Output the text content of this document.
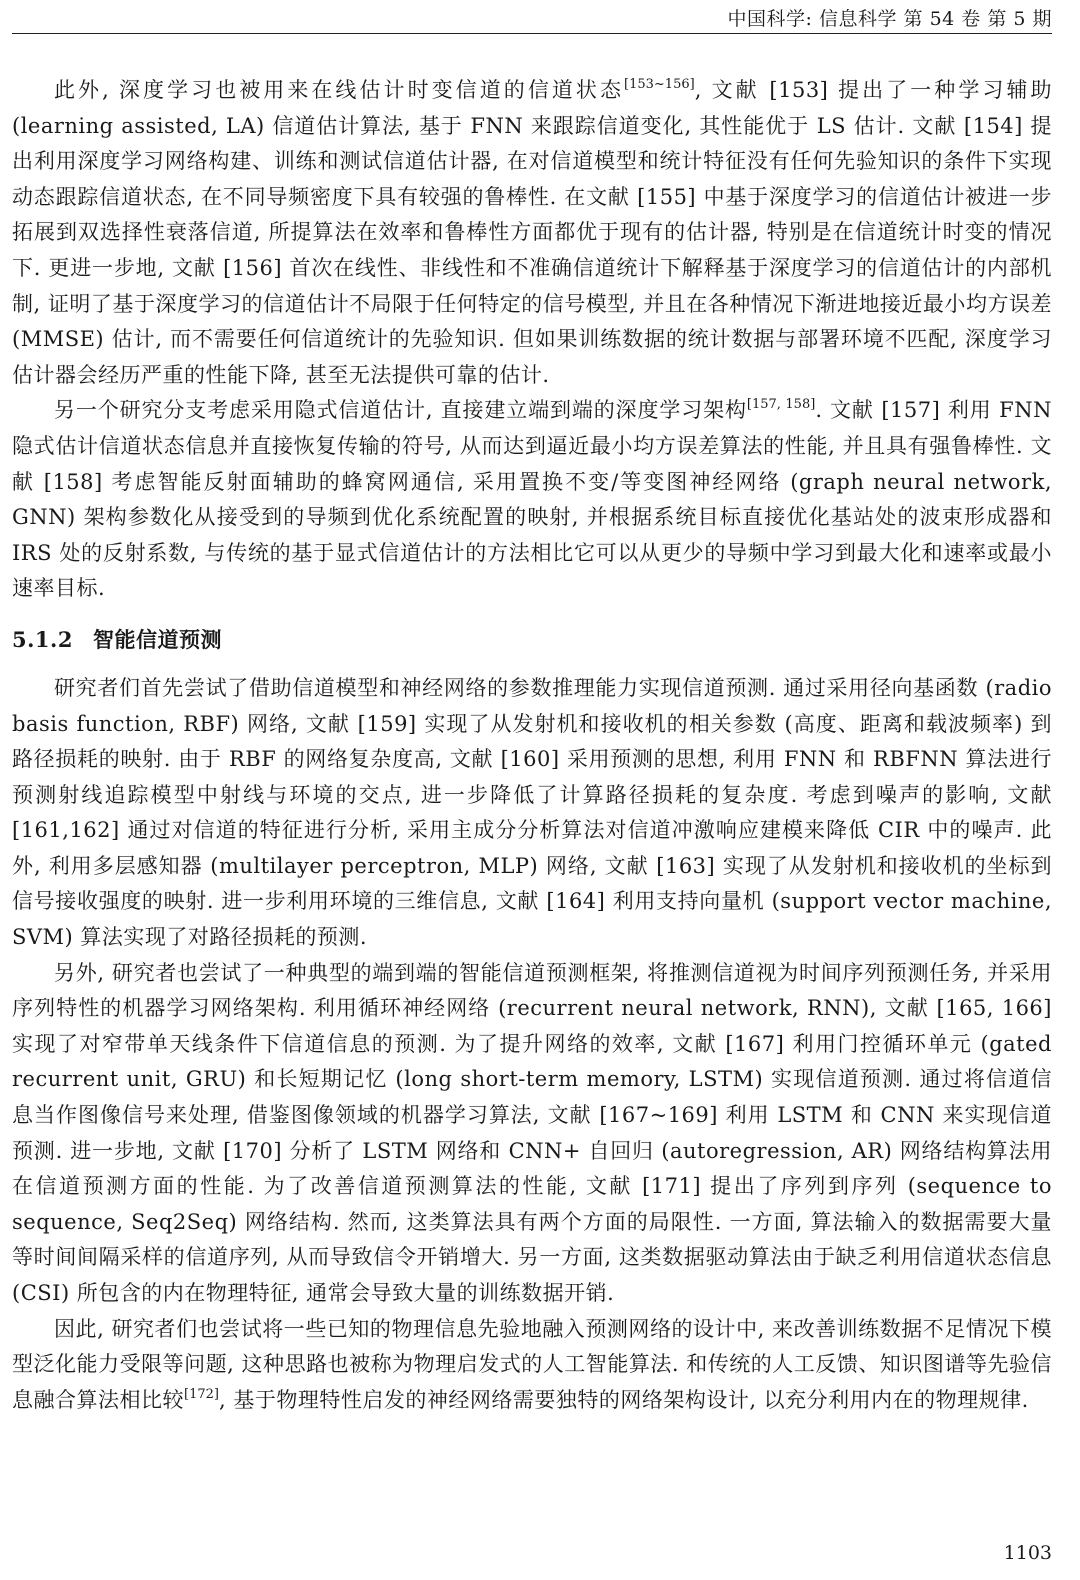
中国科学: 信息科学 第 54 卷 第 5 期

此外, 深度学习也被用来在线估计时变信道的信道状态[153~156], 文献 [153] 提出了一种学习辅助 (learning assisted, LA) 信道估计算法, 基于 FNN 来跟踪信道变化, 其性能优于 LS 估计. 文献 [154] 提出利用深度学习网络构建、训练和测试信道估计器, 在对信道模型和统计特征没有任何先验知识的条件下实现动态跟踪信道状态, 在不同导频密度下具有较强的鲁棒性. 在文献 [155] 中基于深度学习的信道估计被进一步拓展到双选择性衰落信道, 所提算法在效率和鲁棒性方面都优于现有的估计器, 特别是在信道统计时变的情况下. 更进一步地, 文献 [156] 首次在线性、非线性和不准确信道统计下解释基于深度学习的信道估计的内部机制, 证明了基于深度学习的信道估计不局限于任何特定的信号模型, 并且在各种情况下渐进地接近最小均方误差 (MMSE) 估计, 而不需要任何信道统计的先验知识. 但如果训练数据的统计数据与部署环境不匹配, 深度学习估计器会经历严重的性能下降, 甚至无法提供可靠的估计.

另一个研究分支考虑采用隐式信道估计, 直接建立端到端的深度学习架构[157, 158]. 文献 [157] 利用 FNN 隐式估计信道状态信息并直接恢复传输的符号, 从而达到逼近最小均方误差算法的性能, 并且具有强鲁棒性. 文献 [158] 考虑智能反射面辅助的蜂窝网通信, 采用置换不变/等变图神经网络 (graph neural network, GNN) 架构参数化从接受到的导频到优化系统配置的映射, 并根据系统目标直接优化基站处的波束形成器和 IRS 处的反射系数, 与传统的基于显式信道估计的方法相比它可以从更少的导频中学习到最大化和速率或最小速率目标.

5.1.2 智能信道预测

研究者们首先尝试了借助信道模型和神经网络的参数推理能力实现信道预测. 通过采用径向基函数 (radio basis function, RBF) 网络, 文献 [159] 实现了从发射机和接收机的相关参数 (高度、距离和载波频率) 到路径损耗的映射. 由于 RBF 的网络复杂度高, 文献 [160] 采用预测的思想, 利用 FNN 和 RBFNN 算法进行预测射线追踪模型中射线与环境的交点, 进一步降低了计算路径损耗的复杂度. 考虑到噪声的影响, 文献 [161,162] 通过对信道的特征进行分析, 采用主成分分析算法对信道冲激响应建模来降低 CIR 中的噪声. 此外, 利用多层感知器 (multilayer perceptron, MLP) 网络, 文献 [163] 实现了从发射机和接收机的坐标到信号接收强度的映射. 进一步利用环境的三维信息, 文献 [164] 利用支持向量机 (support vector machine, SVM) 算法实现了对路径损耗的预测.

另外, 研究者也尝试了一种典型的端到端的智能信道预测框架, 将推测信道视为时间序列预测任务, 并采用序列特性的机器学习网络架构. 利用循环神经网络 (recurrent neural network, RNN), 文献 [165, 166] 实现了对窄带单天线条件下信道信息的预测. 为了提升网络的效率, 文献 [167] 利用门控循环单元 (gated recurrent unit, GRU) 和长短期记忆 (long short-term memory, LSTM) 实现信道预测. 通过将信道信息当作图像信号来处理, 借鉴图像领域的机器学习算法, 文献 [167~169] 利用 LSTM 和 CNN 来实现信道预测. 进一步地, 文献 [170] 分析了 LSTM 网络和 CNN+ 自回归 (autoregression, AR) 网络结构算法用在信道预测方面的性能. 为了改善信道预测算法的性能, 文献 [171] 提出了序列到序列 (sequence to sequence, Seq2Seq) 网络结构. 然而, 这类算法具有两个方面的局限性. 一方面, 算法输入的数据需要大量等时间间隔采样的信道序列, 从而导致信令开销增大. 另一方面, 这类数据驱动算法由于缺乏利用信道状态信息 (CSI) 所包含的内在物理特征, 通常会导致大量的训练数据开销.

因此, 研究者们也尝试将一些已知的物理信息先验地融入预测网络的设计中, 来改善训练数据不足情况下模型泛化能力受限等问题, 这种思路也被称为物理启发式的人工智能算法. 和传统的人工反馈、知识图谱等先验信息融合算法相比较[172], 基于物理特性启发的神经网络需要独特的网络架构设计, 以充分利用内在的物理规律.

1103
